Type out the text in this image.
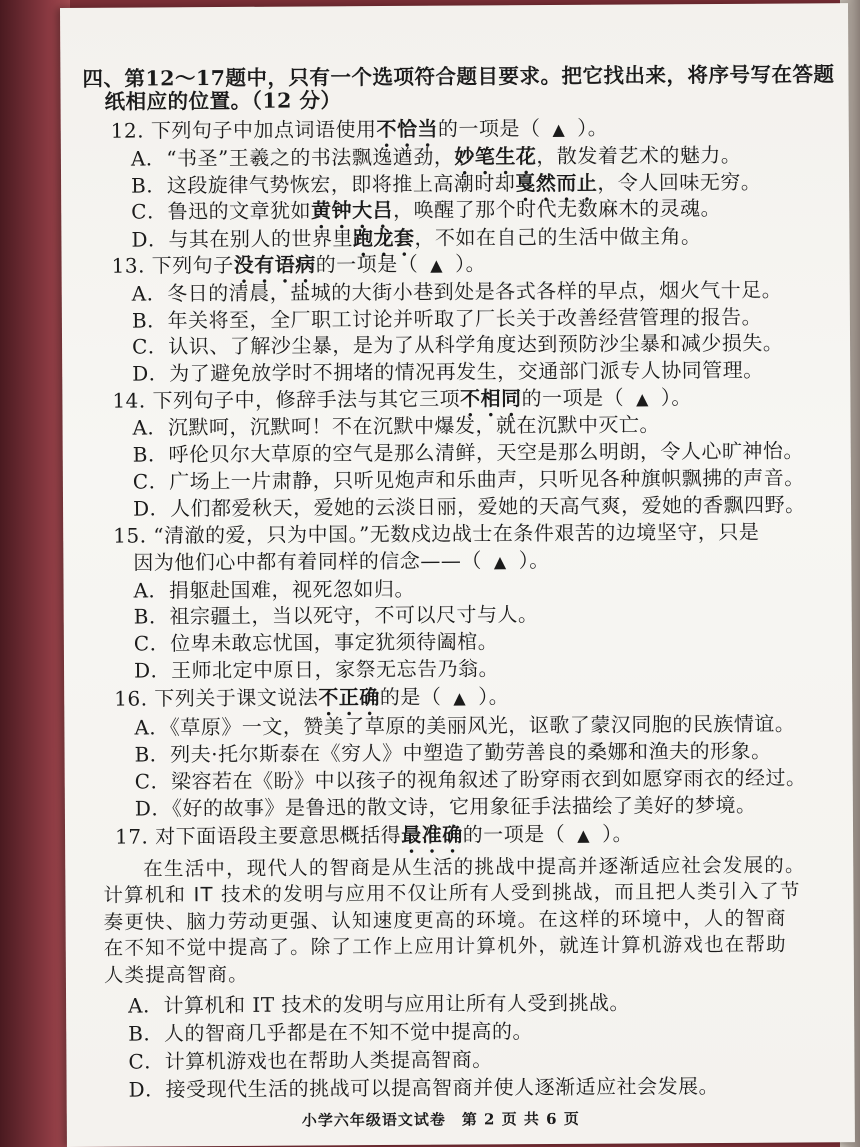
四、第12～17题中，只有一个选项符合题目要求。把它找出来，将序号写在答题
纸相应的位置。（12 分）
12. 下列句子中加点词语使用不恰当的一项是（ ▲ ）。
A．“书圣”王羲之的书法飘逸遒劲，妙笔生花，散发着艺术的魅力。
B．这段旋律气势恢宏，即将推上高潮时却戛然而止，令人回味无穷。
C．鲁迅的文章犹如黄钟大吕，唤醒了那个时代无数麻木的灵魂。
D．与其在别人的世界里跑龙套，不如在自己的生活中做主角。
13. 下列句子没有语病的一项是（ ▲ ）。
A．冬日的清晨，盐城的大街小巷到处是各式各样的早点，烟火气十足。
B．年关将至，全厂职工讨论并听取了厂长关于改善经营管理的报告。
C．认识、了解沙尘暴，是为了从科学角度达到预防沙尘暴和减少损失。
D．为了避免放学时不拥堵的情况再发生，交通部门派专人协同管理。
14. 下列句子中，修辞手法与其它三项不相同的一项是（ ▲ ）。
A．沉默呵，沉默呵！不在沉默中爆发，就在沉默中灭亡。
B．呼伦贝尔大草原的空气是那么清鲜，天空是那么明朗，令人心旷神怡。
C．广场上一片肃静，只听见炮声和乐曲声，只听见各种旗帜飘拂的声音。
D．人们都爱秋天，爱她的云淡日丽，爱她的天高气爽，爱她的香飘四野。
15. “清澈的爱，只为中国。”无数戍边战士在条件艰苦的边境坚守，只是
因为他们心中都有着同样的信念——（ ▲ ）。
A．捐躯赴国难，视死忽如归。
B．祖宗疆土，当以死守，不可以尺寸与人。
C．位卑未敢忘忧国，事定犹须待阖棺。
D．王师北定中原日，家祭无忘告乃翁。
16. 下列关于课文说法不正确的是（ ▲ ）。
A．《草原》一文，赞美了草原的美丽风光，讴歌了蒙汉同胞的民族情谊。
B．列夫·托尔斯泰在《穷人》中塑造了勤劳善良的桑娜和渔夫的形象。
C．梁容若在《盼》中以孩子的视角叙述了盼穿雨衣到如愿穿雨衣的经过。
D．《好的故事》是鲁迅的散文诗，它用象征手法描绘了美好的梦境。
17. 对下面语段主要意思概括得最准确的一项是（ ▲ ）。
在生活中，现代人的智商是从生活的挑战中提高并逐渐适应社会发展的。
计算机和 IT 技术的发明与应用不仅让所有人受到挑战，而且把人类引入了节
奏更快、脑力劳动更强、认知速度更高的环境。在这样的环境中，人的智商
在不知不觉中提高了。除了工作上应用计算机外，就连计算机游戏也在帮助
人类提高智商。
A．计算机和 IT 技术的发明与应用让所有人受到挑战。
B．人的智商几乎都是在不知不觉中提高的。
C．计算机游戏也在帮助人类提高智商。
D．接受现代生活的挑战可以提高智商并使人逐渐适应社会发展。
小学六年级语文试卷　第 2 页 共 6 页
